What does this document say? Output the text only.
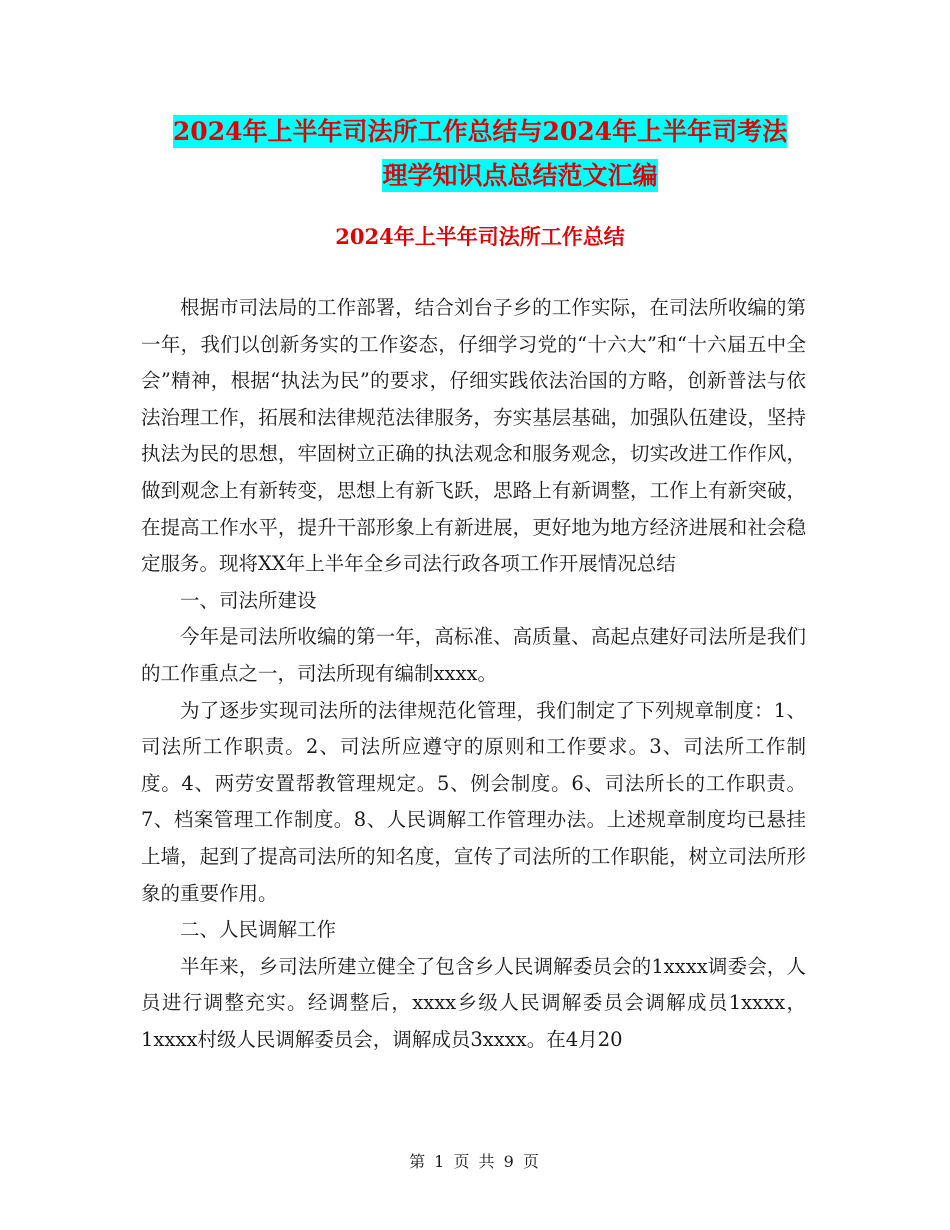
2024年上半年司法所工作总结与2024年上半年司考法
理学知识点总结范文汇编
2024年上半年司法所工作总结

根据市司法局的工作部署，结合刘台子乡的工作实际，在司法所收编的第一年，我们以创新务实的工作姿态，仔细学习党的“十六大”和“十六届五中全会”精神，根据“执法为民”的要求，仔细实践依法治国的方略，创新普法与依法治理工作，拓展和法律规范法律服务，夯实基层基础，加强队伍建设，坚持执法为民的思想，牢固树立正确的执法观念和服务观念，切实改进工作作风，做到观念上有新转变，思想上有新飞跃，思路上有新调整，工作上有新突破，在提高工作水平，提升干部形象上有新进展，更好地为地方经济进展和社会稳定服务。现将XX年上半年全乡司法行政各项工作开展情况总结

一、司法所建设

今年是司法所收编的第一年，高标准、高质量、高起点建好司法所是我们的工作重点之一，司法所现有编制xxxx。

为了逐步实现司法所的法律规范化管理，我们制定了下列规章制度：1、司法所工作职责。2、司法所应遵守的原则和工作要求。3、司法所工作制度。4、两劳安置帮教管理规定。5、例会制度。6、司法所长的工作职责。7、档案管理工作制度。8、人民调解工作管理办法。上述规章制度均已悬挂上墙，起到了提高司法所的知名度，宣传了司法所的工作职能，树立司法所形象的重要作用。

二、人民调解工作

半年来，乡司法所建立健全了包含乡人民调解委员会的1xxxx调委会，人员进行调整充实。经调整后，xxxx乡级人民调解委员会调解成员1xxxx，1xxxx村级人民调解委员会，调解成员3xxxx。在4月20

第 1 页 共 9 页
